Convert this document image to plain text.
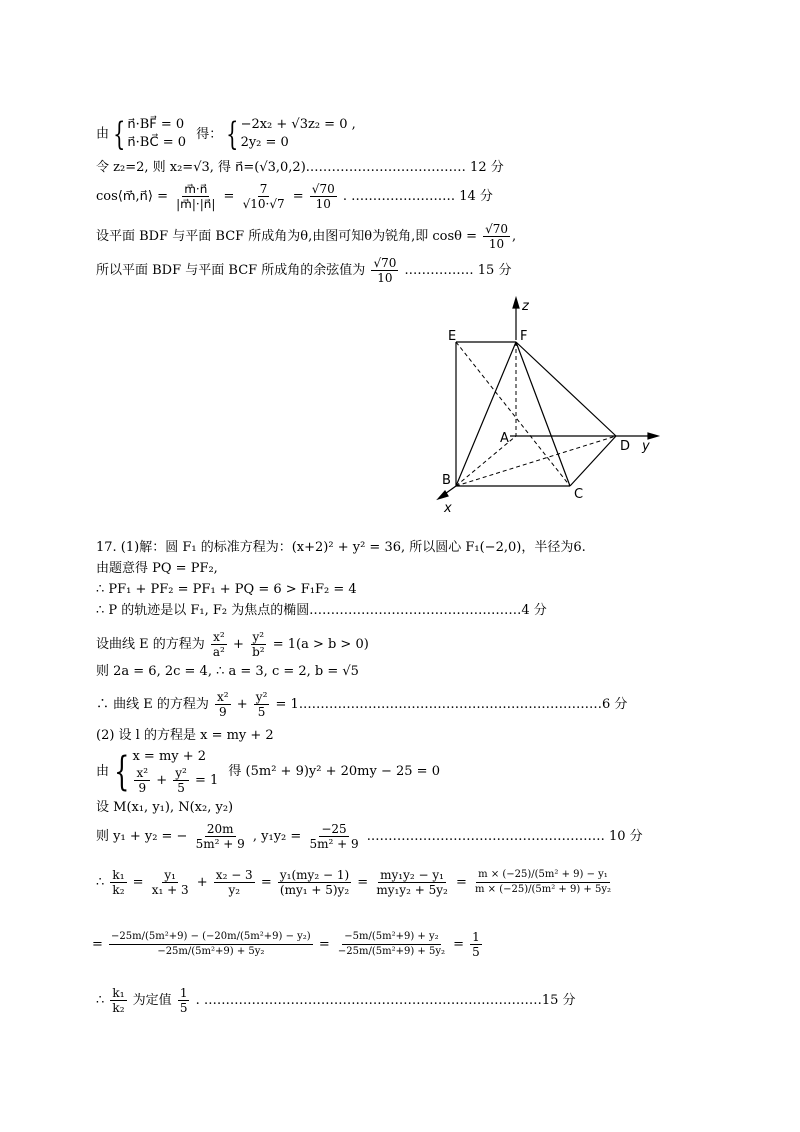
由 { n⃗·BF⃗ = 0
n⃗·BC⃗ = 0
得： { −2x₂ + √3z₂ = 0 ,
2y₂ = 0
令 z₂=2, 则 x₂=√3, 得 n⃗=(√3,0,2).……………………………… 12 分
cos⟨m⃗,n⃗⟩ = $\frac{m⃗\cdot n⃗}{|m⃗|\cdot|n⃗|} = \frac{7}{√10\cdot√7} = \frac{√70}{10}$ . …………………… 14 分
设平面 BDF 与平面 BCF 所成角为θ,由图可知θ为锐角,即 $\cos\theta = \frac{√70}{10}$ ,
所以平面 BDF 与平面 BCF 所成角的余弦值为 $\frac{√70}{10}$ .…………… 15 分
z
y
x
E	F
A
D
B
C
17. (1)解：圆 F₁ 的标准方程为：(x+2)² + y² = 36, 所以圆心 F₁(−2,0)，半径为6.
由题意得 PQ = PF₂,
∴ PF₁ + PF₂ = PF₁ + PQ = 6 > F₁F₂ = 4
∴ P 的轨迹是以 F₁, F₂ 为焦点的椭圆.…………………………………………4 分
设曲线 E 的方程为 $\frac{\text{x²}}{\text{a²}} + \frac{\text{y²}}{\text{b²}} = 1(a > b > 0)$
则 2a = 6, 2c = 4, ∴ a = 3, c = 2, b = √5
∴ 曲线 E 的方程为 $\frac{\text{x²}}{9} + \frac{\text{y²}}{5}$ = 1.……………………………………………………………6 分
(2) 设 l 的方程是 x = my + 2
由 { x = my + 2
$\frac{\text{x²}}{9} + \frac{\text{y²}}{5} = 1$
得 (5m² + 9)y² + 20my − 25 = 0
设 M(x₁, y₁), N(x₂, y₂)
则 y₁ + y₂ = − $\frac{20m}{\text{5m² + 9}}$ , $y_1y_2 = \frac{-25}{\text{5m² + 9}}$ .……………………………………………… 10 分
∴ $\frac{\text{k₁}}{\text{k₂}} = \frac{\text{y₁}}{\text{x₁ + 3}} + \frac{\text{x₂ − 3}}{\text{y₂}} = \frac{\text{y₁(my₂ − 1)}}{\text{(my₁ + 5)y₂}} = \frac{\text{my₁y₂ − y₁}}{\text{my₁y₂ + 5y₂}} = \frac{\text{m × (−25)/(5m² + 9) − y₁}}{\text{m × (−25)/(5m² + 9) + 5y₂}}$
= $\frac{\text{−25m/(5m²+9) − (−20m/(5m²+9) − y₂)}}{\text{−25m/(5m²+9) + 5y₂}} = \frac{\text{−5m/(5m²+9) + y₂}}{\text{−25m/(5m²+9) + 5y₂}} = \frac{1}{5}$
∴ $\frac{\text{k₁}}{\text{k₂}}$ 为定值 $\frac{1}{5}$ . ……………………………………………………………………15 分
